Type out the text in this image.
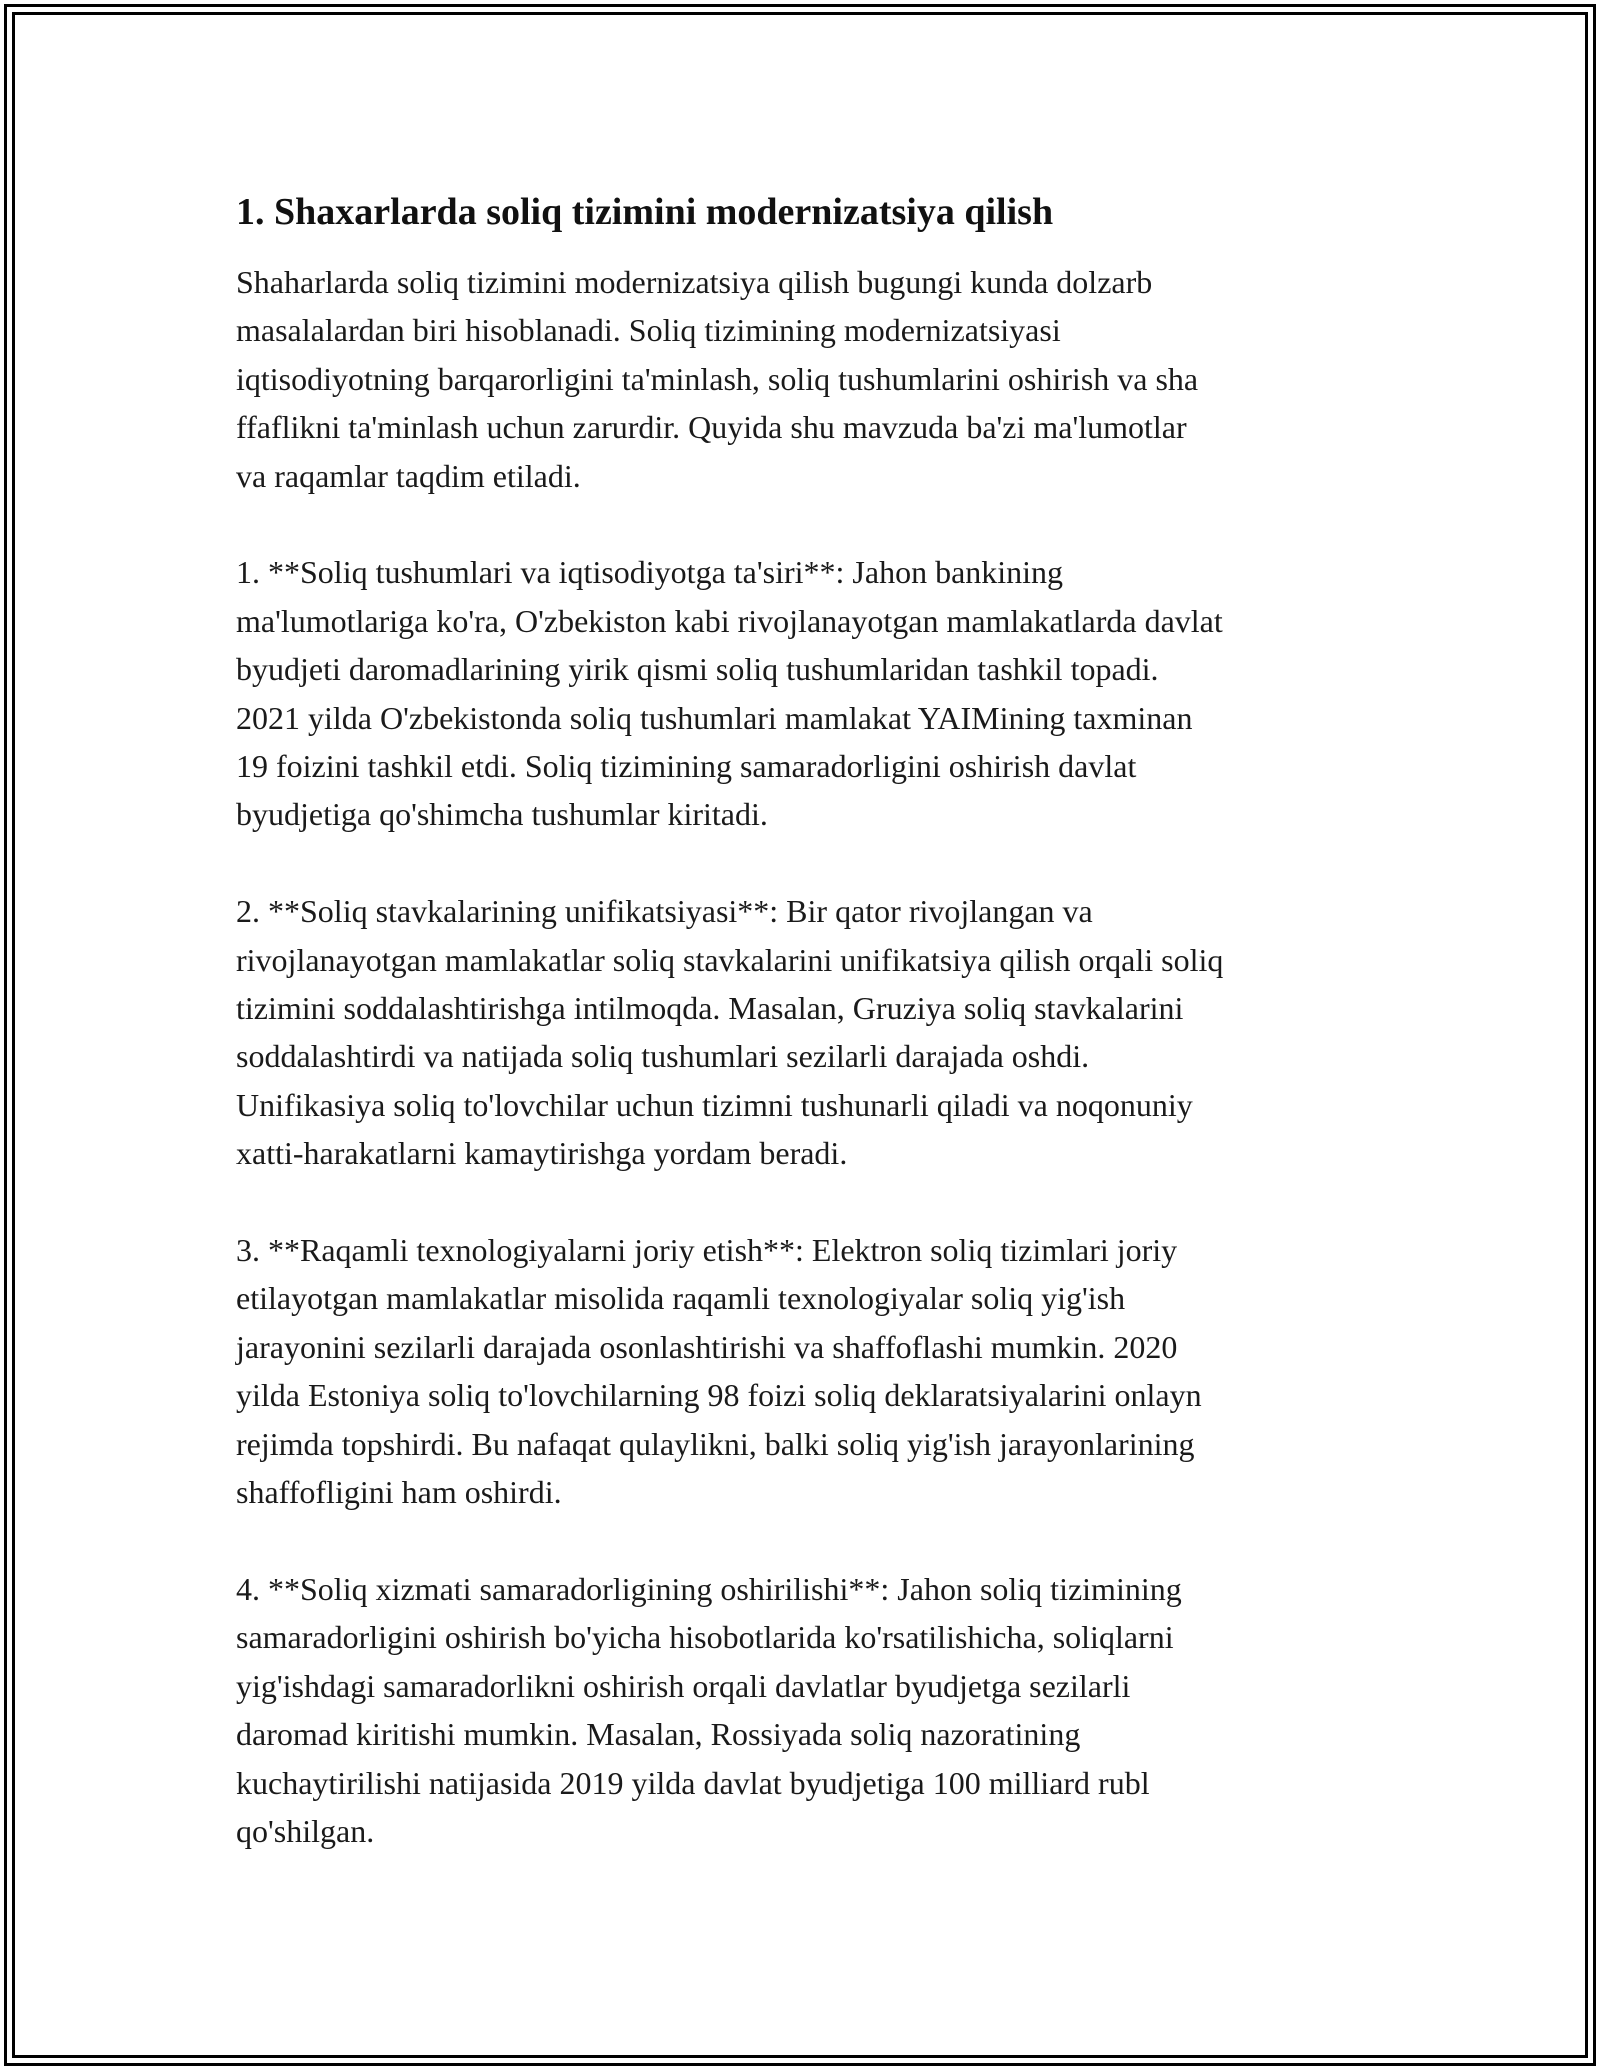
1. Shaxarlarda soliq tizimini modernizatsiya qilish

Shaharlarda soliq tizimini modernizatsiya qilish bugungi kunda dolzarb
masalalardan biri hisoblanadi. Soliq tizimining modernizatsiyasi
iqtisodiyotning barqarorligini ta'minlash, soliq tushumlarini oshirish va sha
ffaflikni ta'minlash uchun zarurdir. Quyida shu mavzuda ba'zi ma'lumotlar
va raqamlar taqdim etiladi.

1. **Soliq tushumlari va iqtisodiyotga ta'siri**: Jahon bankining
ma'lumotlariga ko'ra, O'zbekiston kabi rivojlanayotgan mamlakatlarda davlat
byudjeti daromadlarining yirik qismi soliq tushumlaridan tashkil topadi.
2021 yilda O'zbekistonda soliq tushumlari mamlakat YAIMining taxminan
19 foizini tashkil etdi. Soliq tizimining samaradorligini oshirish davlat
byudjetiga qo'shimcha tushumlar kiritadi.

2. **Soliq stavkalarining unifikatsiyasi**: Bir qator rivojlangan va
rivojlanayotgan mamlakatlar soliq stavkalarini unifikatsiya qilish orqali soliq
tizimini soddalashtirishga intilmoqda. Masalan, Gruziya soliq stavkalarini
soddalashtirdi va natijada soliq tushumlari sezilarli darajada oshdi.
Unifikasiya soliq to'lovchilar uchun tizimni tushunarli qiladi va noqonuniy
xatti-harakatlarni kamaytirishga yordam beradi.

3. **Raqamli texnologiyalarni joriy etish**: Elektron soliq tizimlari joriy
etilayotgan mamlakatlar misolida raqamli texnologiyalar soliq yig'ish
jarayonini sezilarli darajada osonlashtirishi va shaffoflashi mumkin. 2020
yilda Estoniya soliq to'lovchilarning 98 foizi soliq deklaratsiyalarini onlayn
rejimda topshirdi. Bu nafaqat qulaylikni, balki soliq yig'ish jarayonlarining
shaffofligini ham oshirdi.

4. **Soliq xizmati samaradorligining oshirilishi**: Jahon soliq tizimining
samaradorligini oshirish bo'yicha hisobotlarida ko'rsatilishicha, soliqlarni
yig'ishdagi samaradorlikni oshirish orqali davlatlar byudjetga sezilarli
daromad kiritishi mumkin. Masalan, Rossiyada soliq nazoratining
kuchaytirilishi natijasida 2019 yilda davlat byudjetiga 100 milliard rubl
qo'shilgan.
